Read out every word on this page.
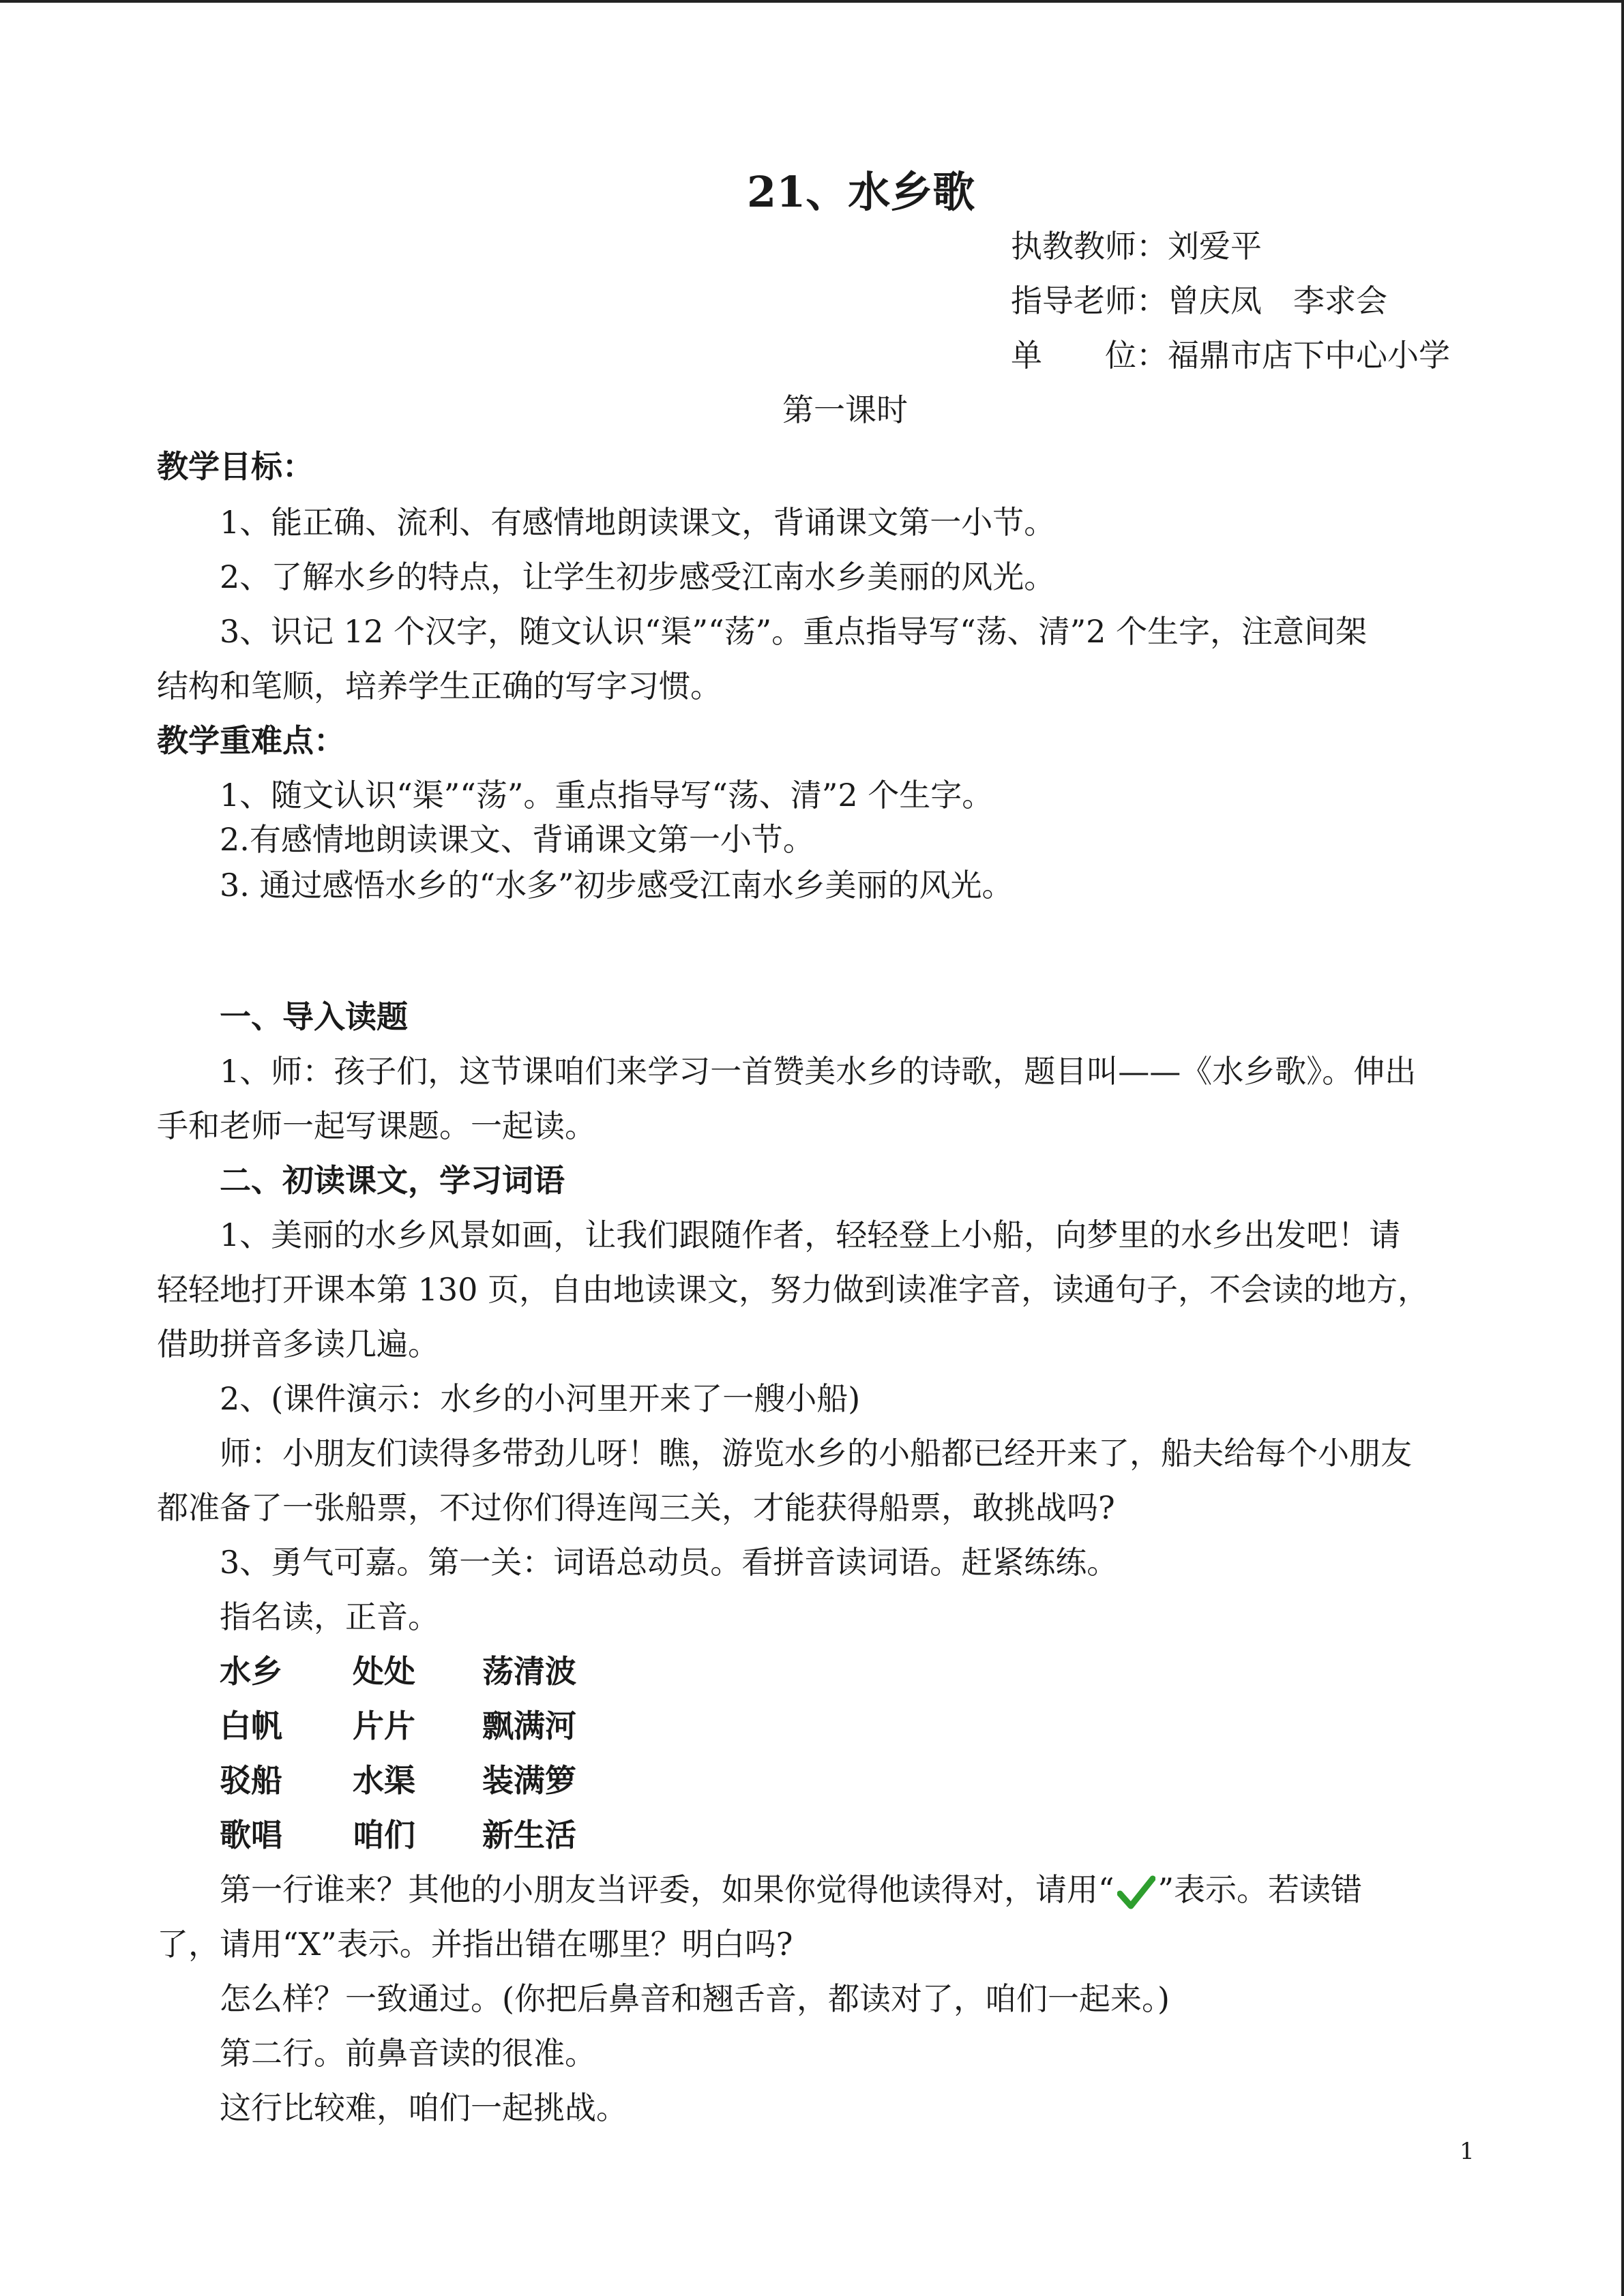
21、水乡歌
执教教师：刘爱平
指导老师：曾庆凤　李求会
单　　位：福鼎市店下中心小学
第一课时
教学目标：
1、能正确、流利、有感情地朗读课文，背诵课文第一小节。
2、了解水乡的特点，让学生初步感受江南水乡美丽的风光。
3、识记 12 个汉字，随文认识“渠”“荡”。重点指导写“荡、清”2 个生字，注意间架
结构和笔顺，培养学生正确的写字习惯。
教学重难点：
1、随文认识“渠”“荡”。重点指导写“荡、清”2 个生字。
2.有感情地朗读课文、背诵课文第一小节。
3. 通过感悟水乡的“水多”初步感受江南水乡美丽的风光。
一、导入读题
1、师：孩子们，这节课咱们来学习一首赞美水乡的诗歌，题目叫——《水乡歌》。伸出
手和老师一起写课题。一起读。
二、初读课文，学习词语
1、美丽的水乡风景如画，让我们跟随作者，轻轻登上小船，向梦里的水乡出发吧！请
轻轻地打开课本第 130 页，自由地读课文，努力做到读准字音，读通句子，不会读的地方，
借助拼音多读几遍。
2、(课件演示：水乡的小河里开来了一艘小船)
师：小朋友们读得多带劲儿呀！瞧，游览水乡的小船都已经开来了，船夫给每个小朋友
都准备了一张船票，不过你们得连闯三关，才能获得船票，敢挑战吗?
3、勇气可嘉。第一关：词语总动员。看拼音读词语。赶紧练练。
指名读，正音。
水乡 处处 荡清波
白帆 片片 飘满河
驳船 水渠 装满箩
歌唱 咱们 新生活
第一行谁来？其他的小朋友当评委，如果你觉得他读得对，请用“ ”表示。若读错
了，请用“X”表示。并指出错在哪里？明白吗?
怎么样？一致通过。(你把后鼻音和翘舌音，都读对了，咱们一起来。)
第二行。前鼻音读的很准。
这行比较难，咱们一起挑战。
1
